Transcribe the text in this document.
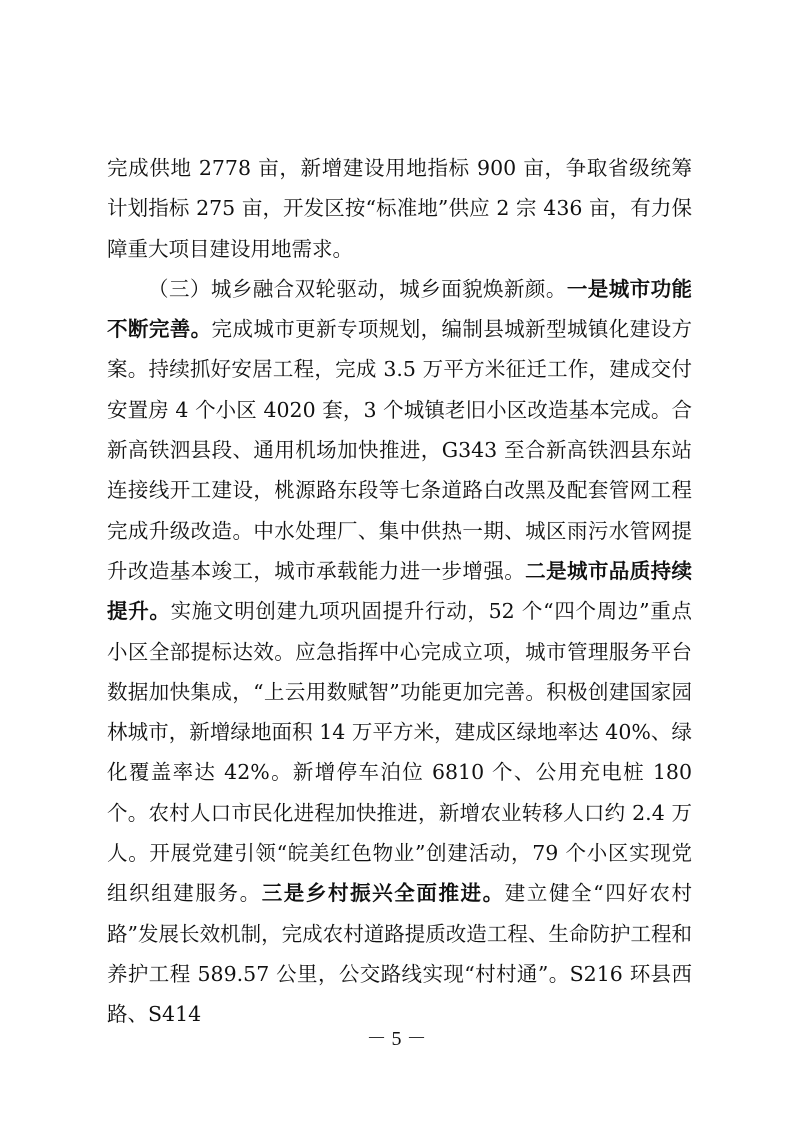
完成供地 2778 亩，新增建设用地指标 900 亩，争取省级统筹计划指标 275 亩，开发区按“标准地”供应 2 宗 436 亩，有力保障重大项目建设用地需求。

（三）城乡融合双轮驱动，城乡面貌焕新颜。一是城市功能不断完善。完成城市更新专项规划，编制县城新型城镇化建设方案。持续抓好安居工程，完成 3.5 万平方米征迁工作，建成交付安置房 4 个小区 4020 套，3 个城镇老旧小区改造基本完成。合新高铁泗县段、通用机场加快推进，G343 至合新高铁泗县东站连接线开工建设，桃源路东段等七条道路白改黑及配套管网工程完成升级改造。中水处理厂、集中供热一期、城区雨污水管网提升改造基本竣工，城市承载能力进一步增强。二是城市品质持续提升。实施文明创建九项巩固提升行动，52 个“四个周边”重点小区全部提标达效。应急指挥中心完成立项，城市管理服务平台数据加快集成，“上云用数赋智”功能更加完善。积极创建国家园林城市，新增绿地面积 14 万平方米，建成区绿地率达 40%、绿化覆盖率达 42%。新增停车泊位 6810 个、公用充电桩 180 个。农村人口市民化进程加快推进，新增农业转移人口约 2.4 万人。开展党建引领“皖美红色物业”创建活动，79 个小区实现党组织组建服务。三是乡村振兴全面推进。建立健全“四好农村路”发展长效机制，完成农村道路提质改造工程、生命防护工程和养护工程 589.57 公里，公交路线实现“村村通”。S216 环县西路、S414

－ 5 －
